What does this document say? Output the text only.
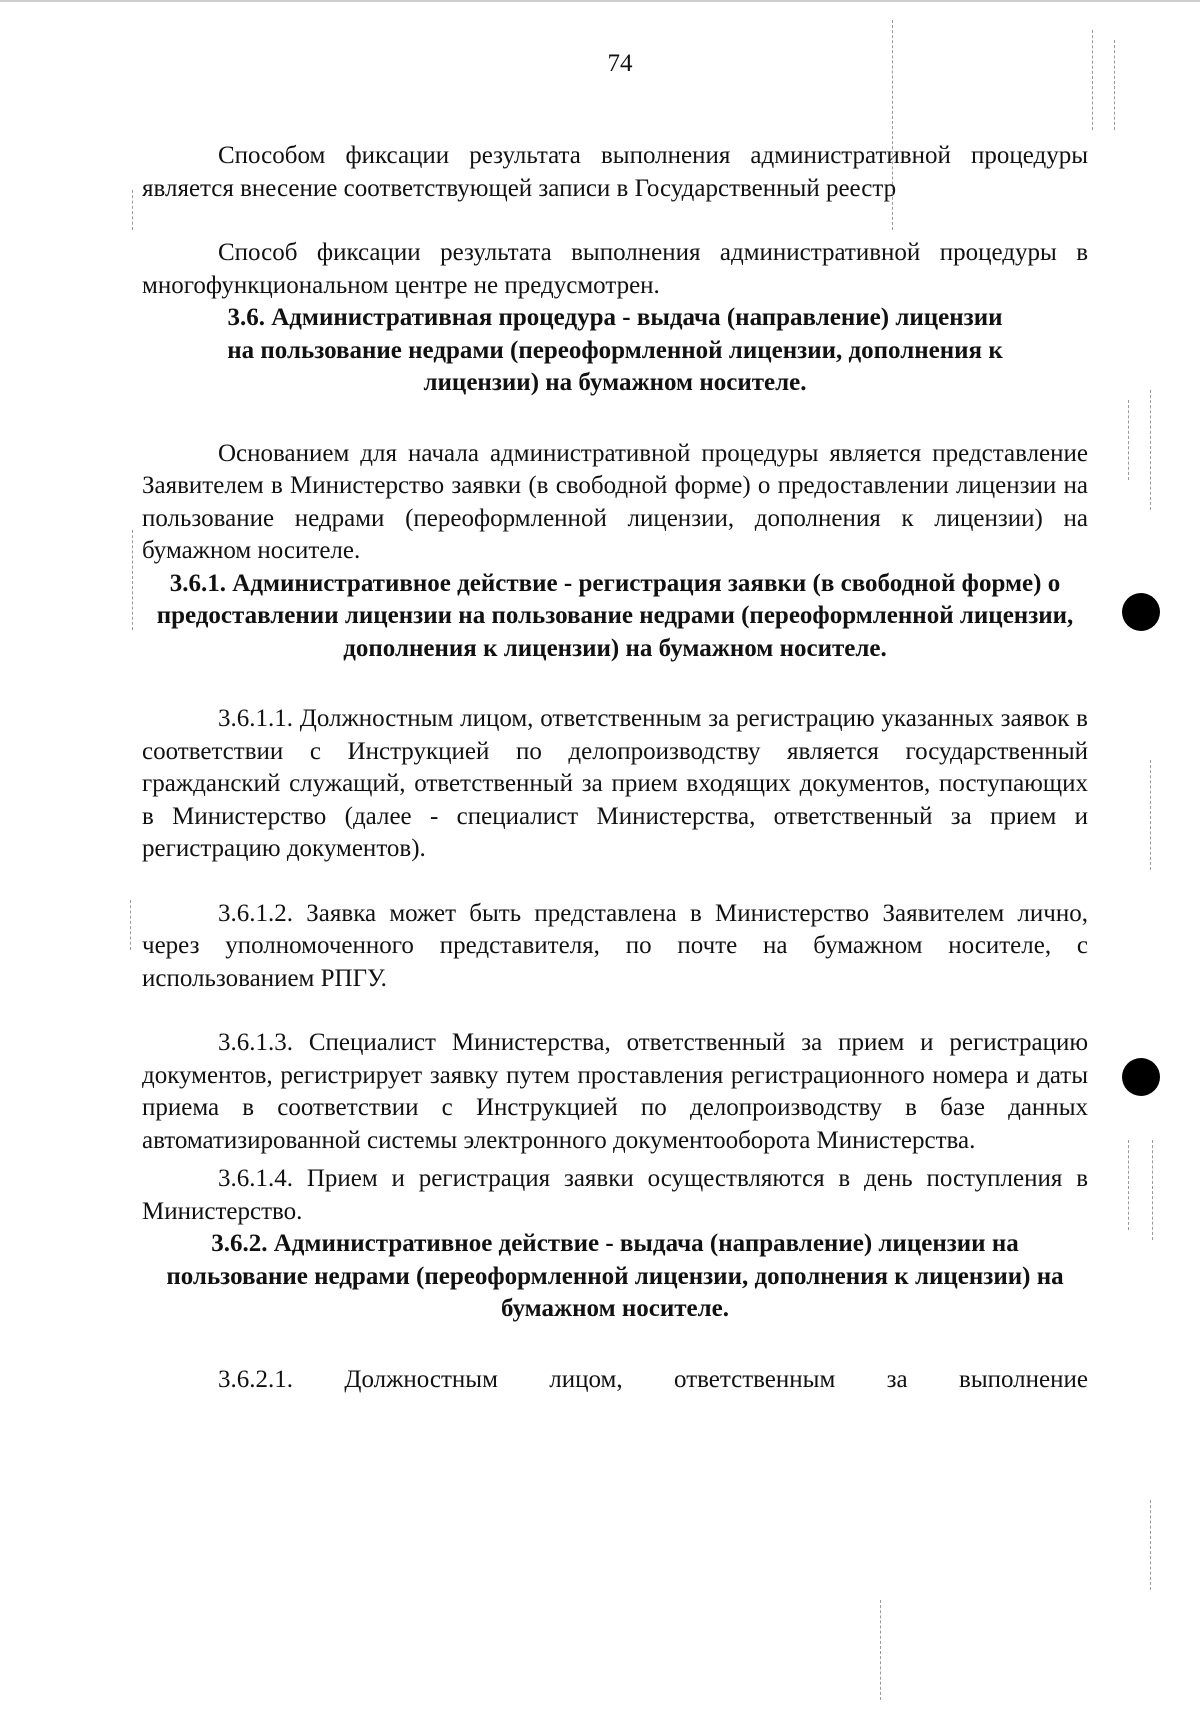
74

Способом фиксации результата выполнения административной процедуры является внесение соответствующей записи в Государственный реестр

Способ фиксации результата выполнения административной процедуры в многофункциональном центре не предусмотрен.

3.6. Административная процедура - выдача (направление) лицензии на пользование недрами (переоформленной лицензии, дополнения к лицензии) на бумажном носителе.

Основанием для начала административной процедуры является представление Заявителем в Министерство заявки (в свободной форме) о предоставлении лицензии на пользование недрами (переоформленной лицензии, дополнения к лицензии) на бумажном носителе.

3.6.1. Административное действие - регистрация заявки (в свободной форме) о предоставлении лицензии на пользование недрами (переоформленной лицензии, дополнения к лицензии) на бумажном носителе.

3.6.1.1. Должностным лицом, ответственным за регистрацию указанных заявок в соответствии с Инструкцией по делопроизводству является государственный гражданский служащий, ответственный за прием входящих документов, поступающих в Министерство (далее - специалист Министерства, ответственный за прием и регистрацию документов).

3.6.1.2. Заявка может быть представлена в Министерство Заявителем лично, через уполномоченного представителя, по почте на бумажном носителе, с использованием РПГУ.

3.6.1.3. Специалист Министерства, ответственный за прием и регистрацию документов, регистрирует заявку путем проставления регистрационного номера и даты приема в соответствии с Инструкцией по делопроизводству в базе данных автоматизированной системы электронного документооборота Министерства.

3.6.1.4. Прием и регистрация заявки осуществляются в день поступления в Министерство.

3.6.2. Административное действие - выдача (направление) лицензии на пользование недрами (переоформленной лицензии, дополнения к лицензии) на бумажном носителе.

3.6.2.1. Должностным лицом, ответственным за выполнение
